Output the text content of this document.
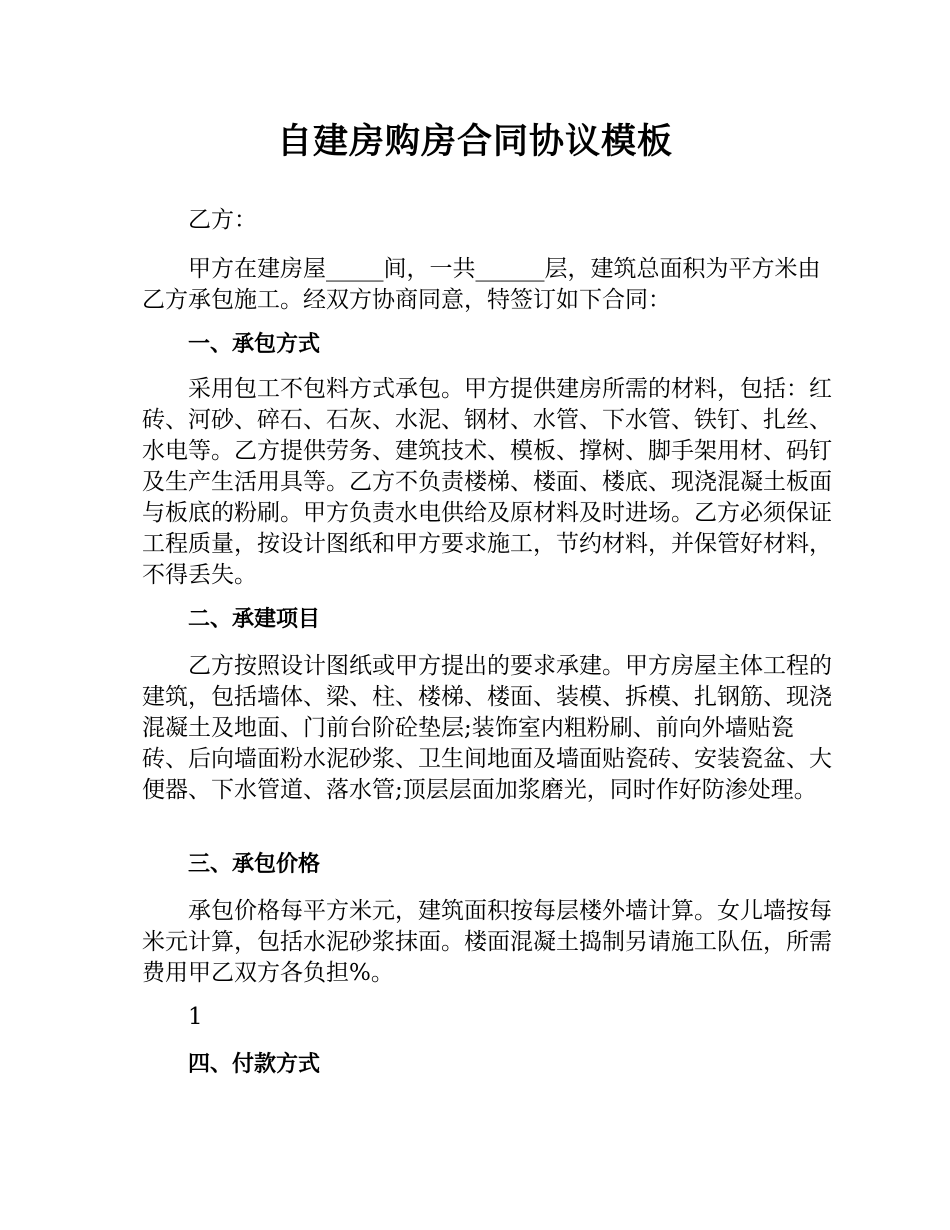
自建房购房合同协议模板
乙方：
甲方在建房屋_____间，一共______层，建筑总面积为平方米由乙方承包施工。经双方协商同意，特签订如下合同：
一、承包方式
采用包工不包料方式承包。甲方提供建房所需的材料，包括：红砖、河砂、碎石、石灰、水泥、钢材、水管、下水管、铁钉、扎丝、水电等。乙方提供劳务、建筑技术、模板、撑树、脚手架用材、码钉及生产生活用具等。乙方不负责楼梯、楼面、楼底、现浇混凝土板面与板底的粉刷。甲方负责水电供给及原材料及时进场。乙方必须保证工程质量，按设计图纸和甲方要求施工，节约材料，并保管好材料，不得丢失。
二、承建项目
乙方按照设计图纸或甲方提出的要求承建。甲方房屋主体工程的建筑，包括墙体、梁、柱、楼梯、楼面、装模、拆模、扎钢筋、现浇混凝土及地面、门前台阶砼垫层;装饰室内粗粉刷、前向外墙贴瓷砖、后向墙面粉水泥砂浆、卫生间地面及墙面贴瓷砖、安装瓷盆、大便器、下水管道、落水管;顶层层面加浆磨光，同时作好防渗处理。
三、承包价格
承包价格每平方米元，建筑面积按每层楼外墙计算。女儿墙按每米元计算，包括水泥砂浆抹面。楼面混凝土捣制另请施工队伍，所需费用甲乙双方各负担%。
1
四、付款方式
